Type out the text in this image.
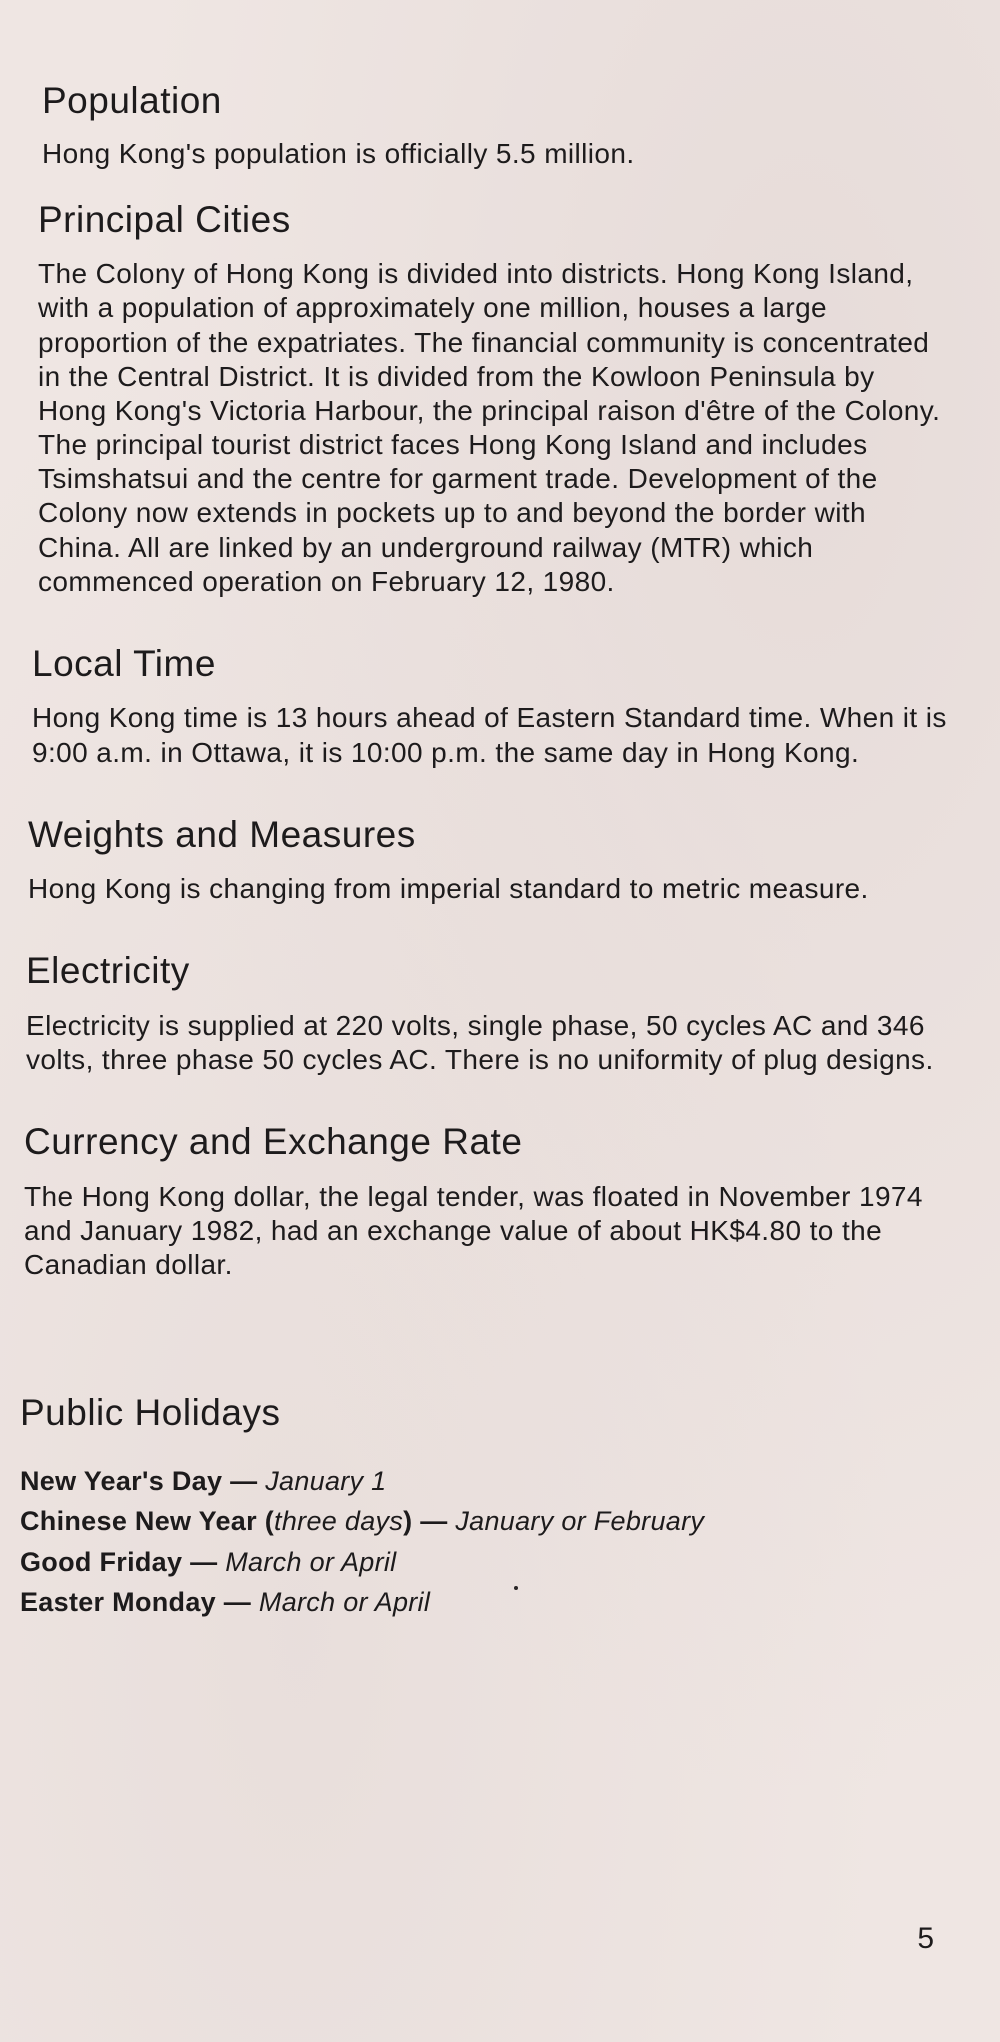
Population

Hong Kong's population is officially 5.5 million.

Principal Cities

The Colony of Hong Kong is divided into districts. Hong Kong Island, with a population of approximately one million, houses a large proportion of the expatriates. The financial community is concentrated in the Central District. It is divided from the Kowloon Peninsula by Hong Kong's Victoria Harbour, the principal raison d'être of the Colony. The principal tourist district faces Hong Kong Island and includes Tsimshatsui and the centre for garment trade. Development of the Colony now extends in pockets up to and beyond the border with China. All are linked by an underground railway (MTR) which commenced operation on February 12, 1980.

Local Time

Hong Kong time is 13 hours ahead of Eastern Standard time. When it is 9:00 a.m. in Ottawa, it is 10:00 p.m. the same day in Hong Kong.

Weights and Measures

Hong Kong is changing from imperial standard to metric measure.

Electricity

Electricity is supplied at 220 volts, single phase, 50 cycles AC and 346 volts, three phase 50 cycles AC. There is no uniformity of plug designs.

Currency and Exchange Rate

The Hong Kong dollar, the legal tender, was floated in November 1974 and January 1982, had an exchange value of about HK$4.80 to the Canadian dollar.

Public Holidays
New Year's Day — January 1
Chinese New Year (three days) — January or February
Good Friday — March or April
Easter Monday — March or April
5
